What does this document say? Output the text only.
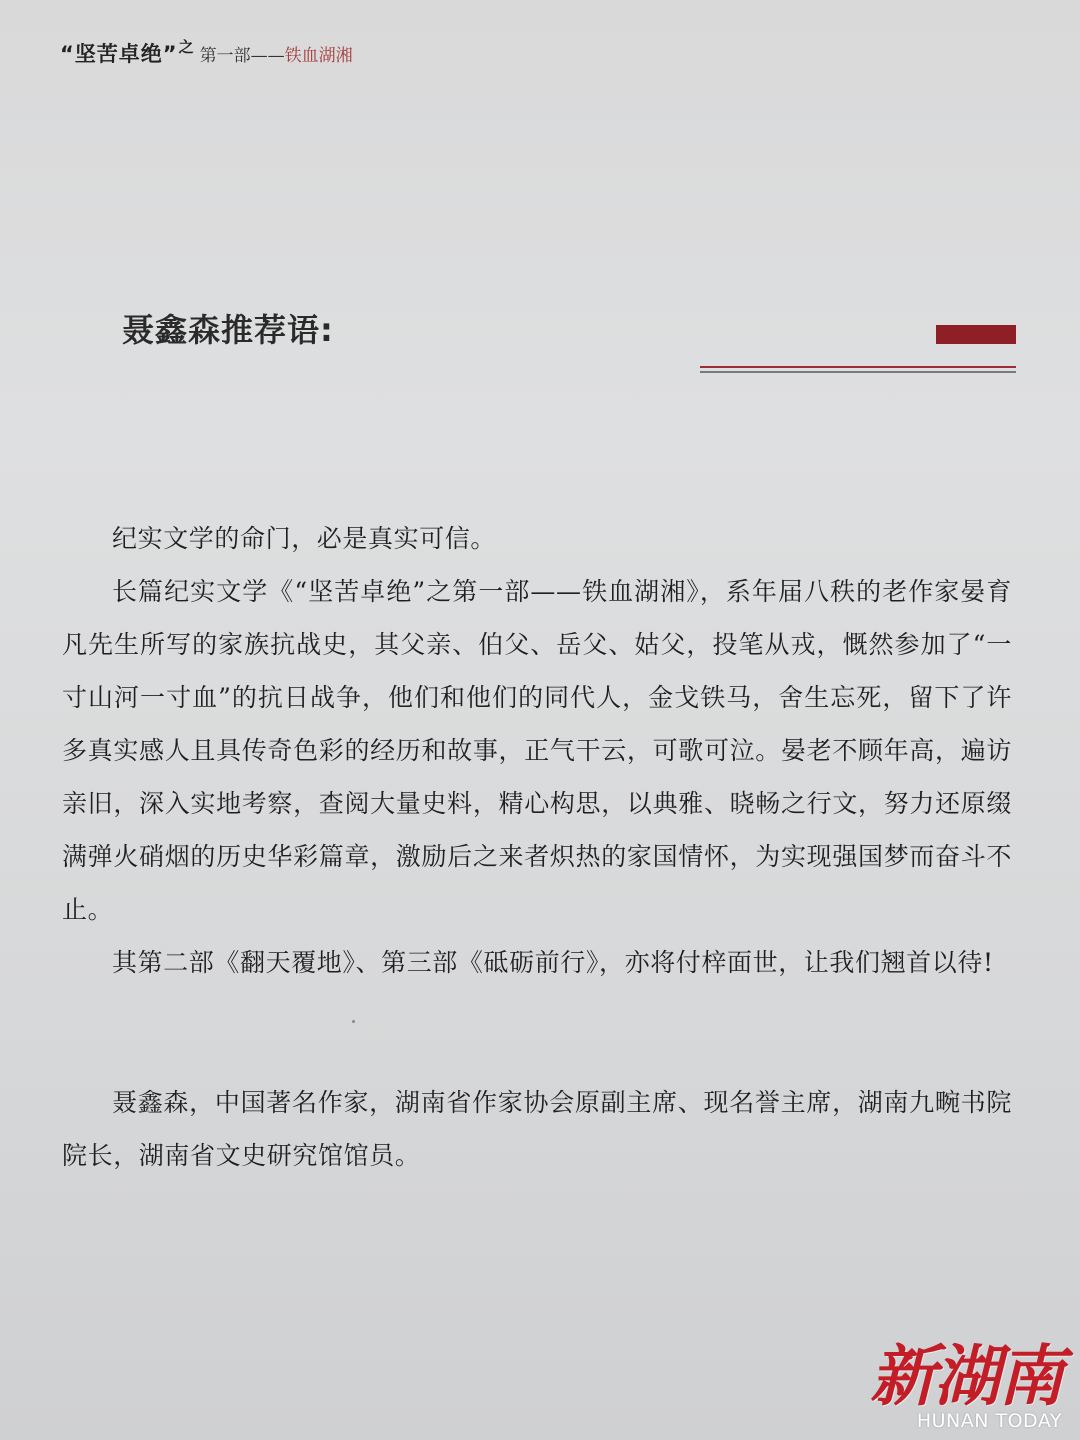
“坚苦卓绝” 之 第一部 —— 铁血湖湘
聂鑫森推荐语:

纪实文学的命门，必是真实可信。

长篇纪实文学《“坚苦卓绝”之第一部——铁血湖湘》，系年届八秩的老作家晏育凡先生所写的家族抗战史，其父亲、伯父、岳父、姑父，投笔从戎，慨然参加了“一寸山河一寸血”的抗日战争，他们和他们的同代人，金戈铁马，舍生忘死，留下了许多真实感人且具传奇色彩的经历和故事，正气干云，可歌可泣。晏老不顾年高，遍访亲旧，深入实地考察，查阅大量史料，精心构思，以典雅、晓畅之行文，努力还原缀满弹火硝烟的历史华彩篇章，激励后之来者炽热的家国情怀，为实现强国梦而奋斗不止。

其第二部《翻天覆地》、第三部《砥砺前行》，亦将付梓面世，让我们翘首以待!

聂鑫森，中国著名作家，湖南省作家协会原副主席、现名誉主席，湖南九畹书院院长，湖南省文史研究馆馆员。

新湖南
HUNAN TODAY
